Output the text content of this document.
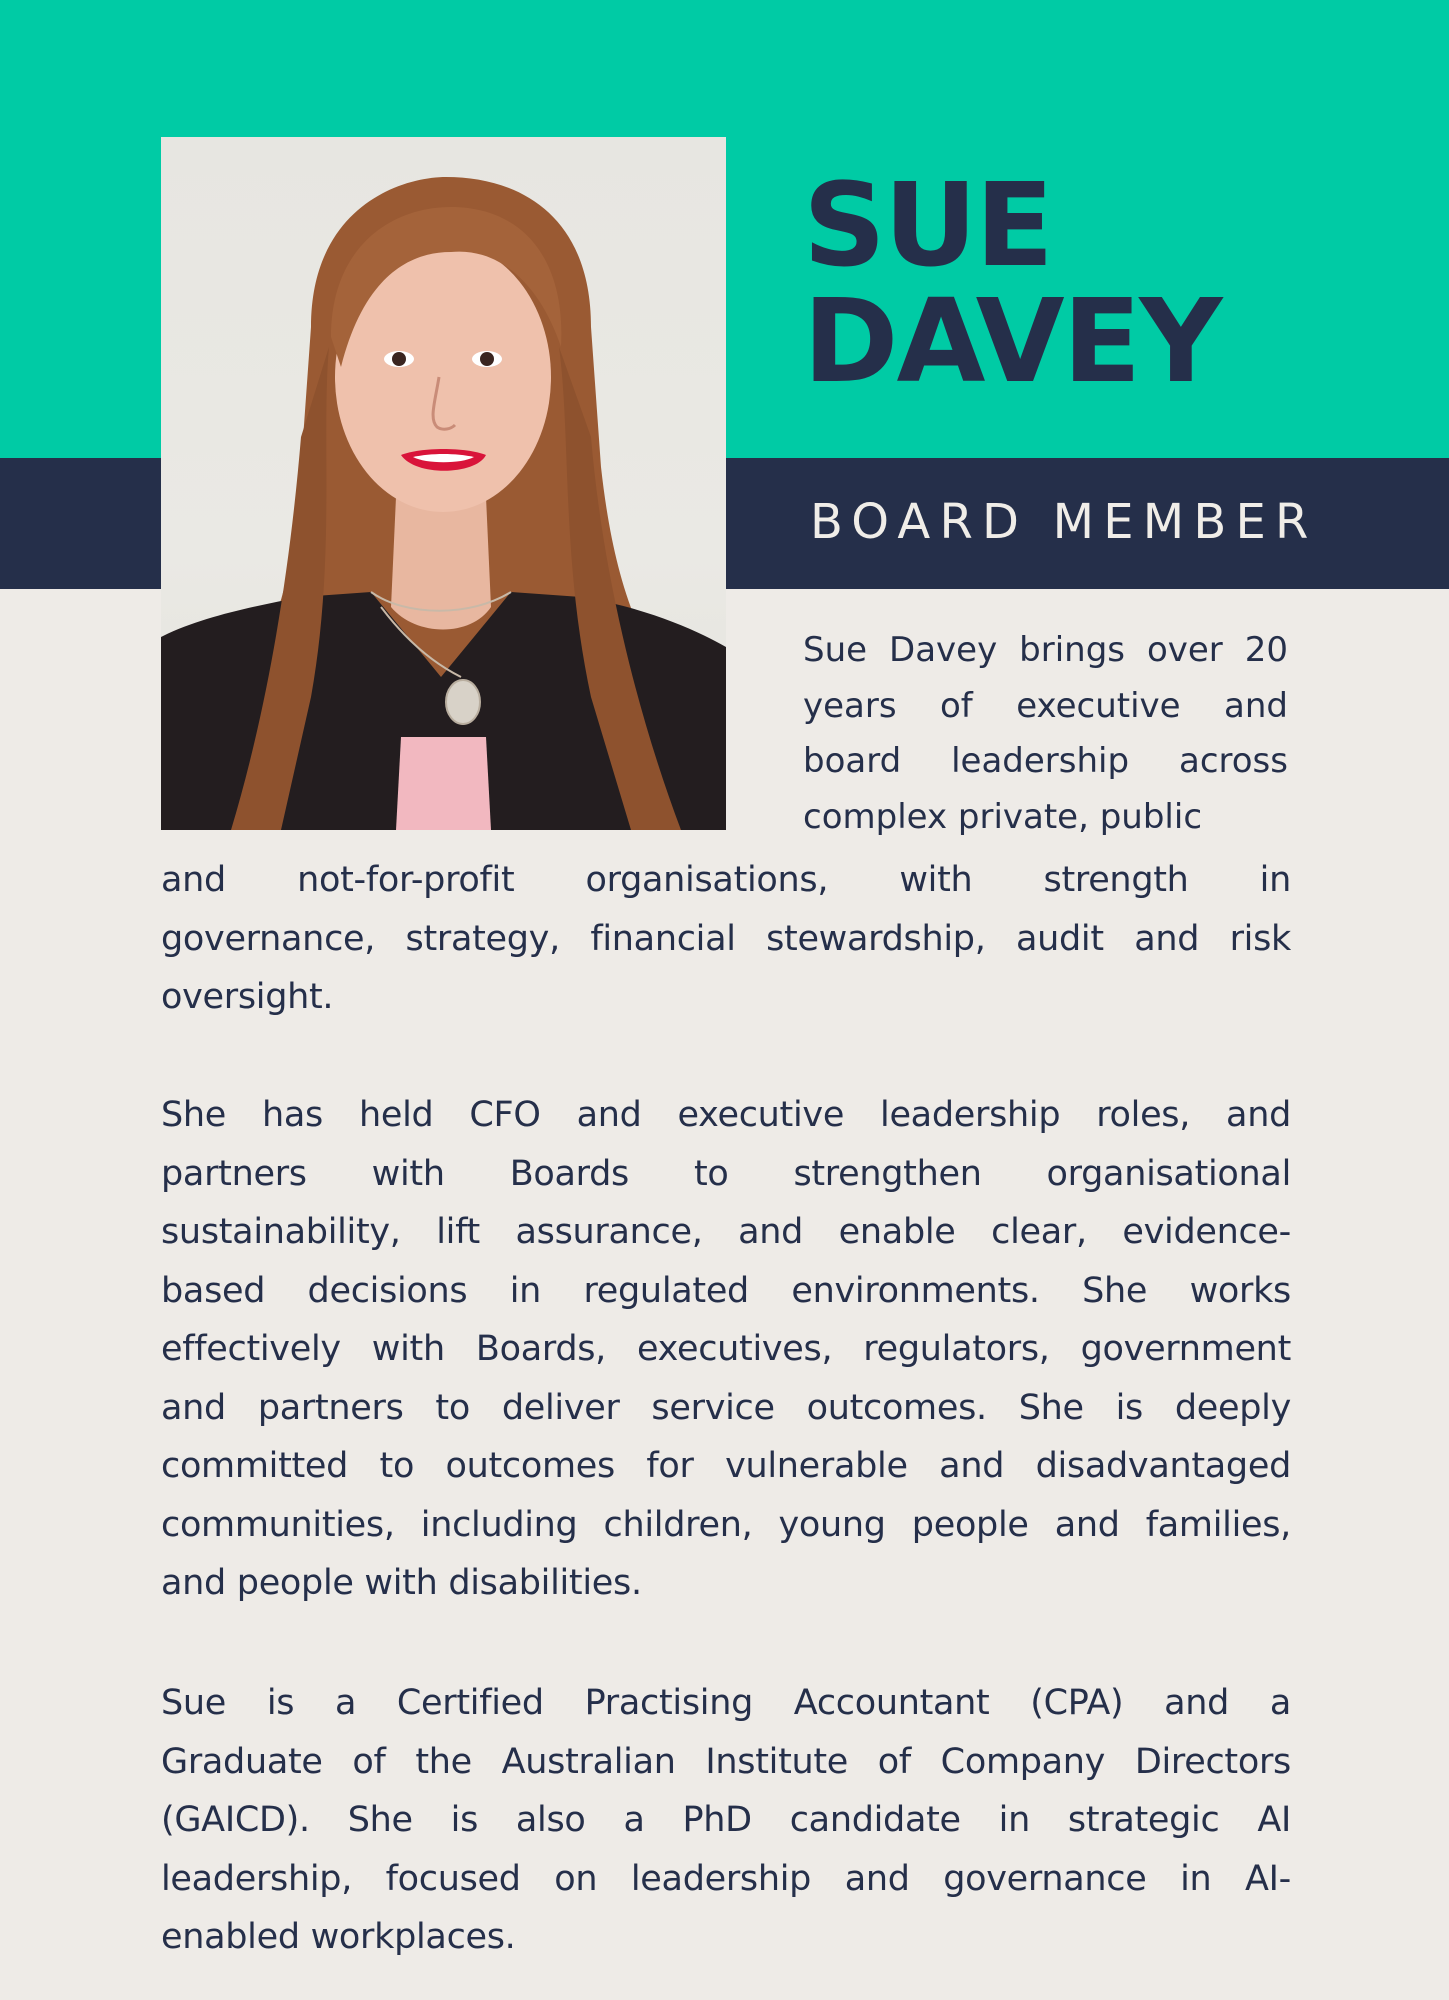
SUE
DAVEY
BOARD MEMBER
Sue Davey brings over 20
years of executive and
board leadership across
complex private, public
and not-for-profit organisations, with strength in
governance, strategy, financial stewardship, audit and risk
oversight.
She has held CFO and executive leadership roles, and
partners with Boards to strengthen organisational
sustainability, lift assurance, and enable clear, evidence-
based decisions in regulated environments. She works
effectively with Boards, executives, regulators, government
and partners to deliver service outcomes. She is deeply
committed to outcomes for vulnerable and disadvantaged
communities, including children, young people and families,
and people with disabilities.
Sue is a Certified Practising Accountant (CPA) and a
Graduate of the Australian Institute of Company Directors
(GAICD). She is also a PhD candidate in strategic AI
leadership, focused on leadership and governance in AI-
enabled workplaces.
